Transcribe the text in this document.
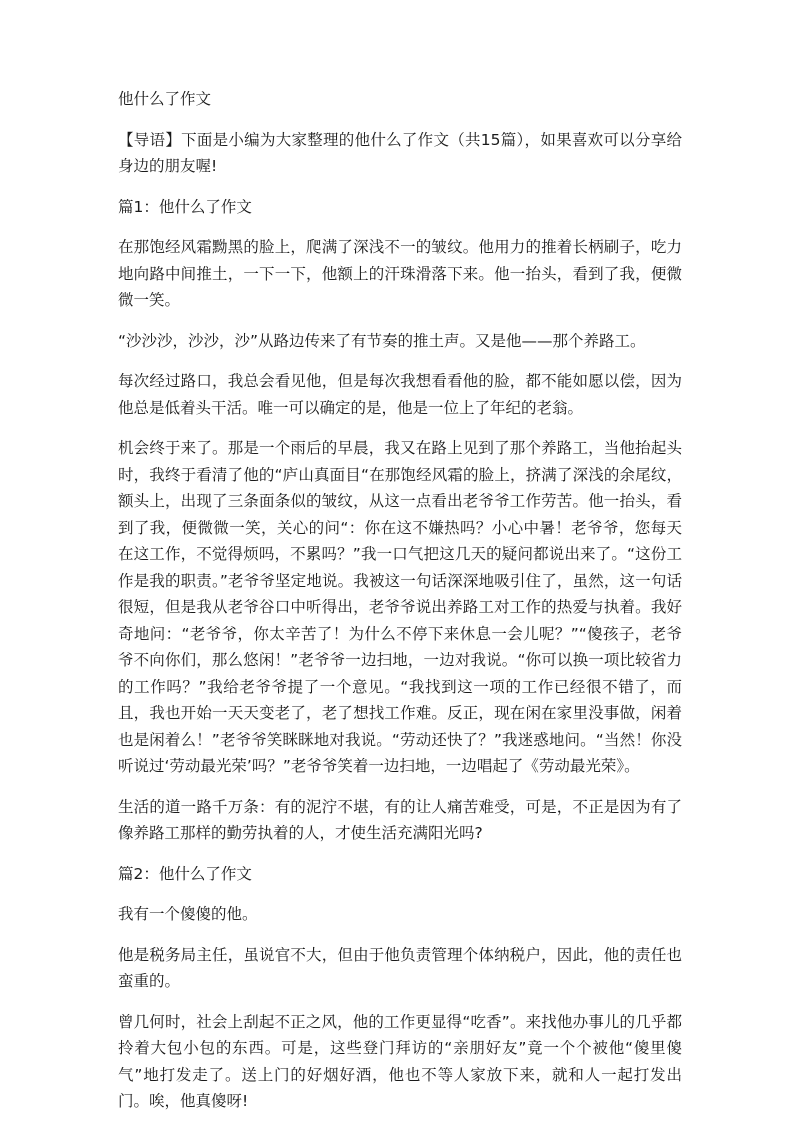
他什么了作文

【导语】下面是小编为大家整理的他什么了作文（共15篇），如果喜欢可以分享给身边的朋友喔!

篇1：他什么了作文

在那饱经风霜黝黑的脸上，爬满了深浅不一的皱纹。他用力的推着长柄刷子，吃力地向路中间推土，一下一下，他额上的汗珠滑落下来。他一抬头，看到了我，便微微一笑。

“沙沙沙，沙沙，沙”从路边传来了有节奏的推土声。又是他——那个养路工。

每次经过路口，我总会看见他，但是每次我想看看他的脸，都不能如愿以偿，因为他总是低着头干活。唯一可以确定的是，他是一位上了年纪的老翁。

机会终于来了。那是一个雨后的早晨，我又在路上见到了那个养路工，当他抬起头时，我终于看清了他的“庐山真面目“在那饱经风霜的脸上，挤满了深浅的余尾纹，额头上，出现了三条面条似的皱纹，从这一点看出老爷爷工作劳苦。他一抬头，看到了我，便微微一笑，关心的问“：你在这不嫌热吗？小心中暑！老爷爷，您每天在这工作，不觉得烦吗，不累吗？”我一口气把这几天的疑问都说出来了。“这份工作是我的职责。”老爷爷坚定地说。我被这一句话深深地吸引住了，虽然，这一句话很短，但是我从老爷谷口中听得出，老爷爷说出养路工对工作的热爱与执着。我好奇地问：“老爷爷，你太辛苦了！为什么不停下来休息一会儿呢？”“傻孩子，老爷爷不向你们，那么悠闲！”老爷爷一边扫地，一边对我说。“你可以换一项比较省力的工作吗？”我给老爷爷提了一个意见。“我找到这一项的工作已经很不错了，而且，我也开始一天天变老了，老了想找工作难。反正，现在闲在家里没事做，闲着也是闲着么！”老爷爷笑眯眯地对我说。“劳动还快了？”我迷惑地问。“当然！你没听说过‘劳动最光荣’吗？”老爷爷笑着一边扫地，一边唱起了《劳动最光荣》。

生活的道一路千万条：有的泥泞不堪，有的让人痛苦难受，可是，不正是因为有了像养路工那样的勤劳执着的人，才使生活充满阳光吗?

篇2：他什么了作文

我有一个傻傻的他。

他是税务局主任，虽说官不大，但由于他负责管理个体纳税户，因此，他的责任也蛮重的。

曾几何时，社会上刮起不正之风，他的工作更显得“吃香”。来找他办事儿的几乎都拎着大包小包的东西。可是，这些登门拜访的“亲朋好友”竟一个个被他“傻里傻气”地打发走了。送上门的好烟好酒，他也不等人家放下来，就和人一起打发出门。唉，他真傻呀!
